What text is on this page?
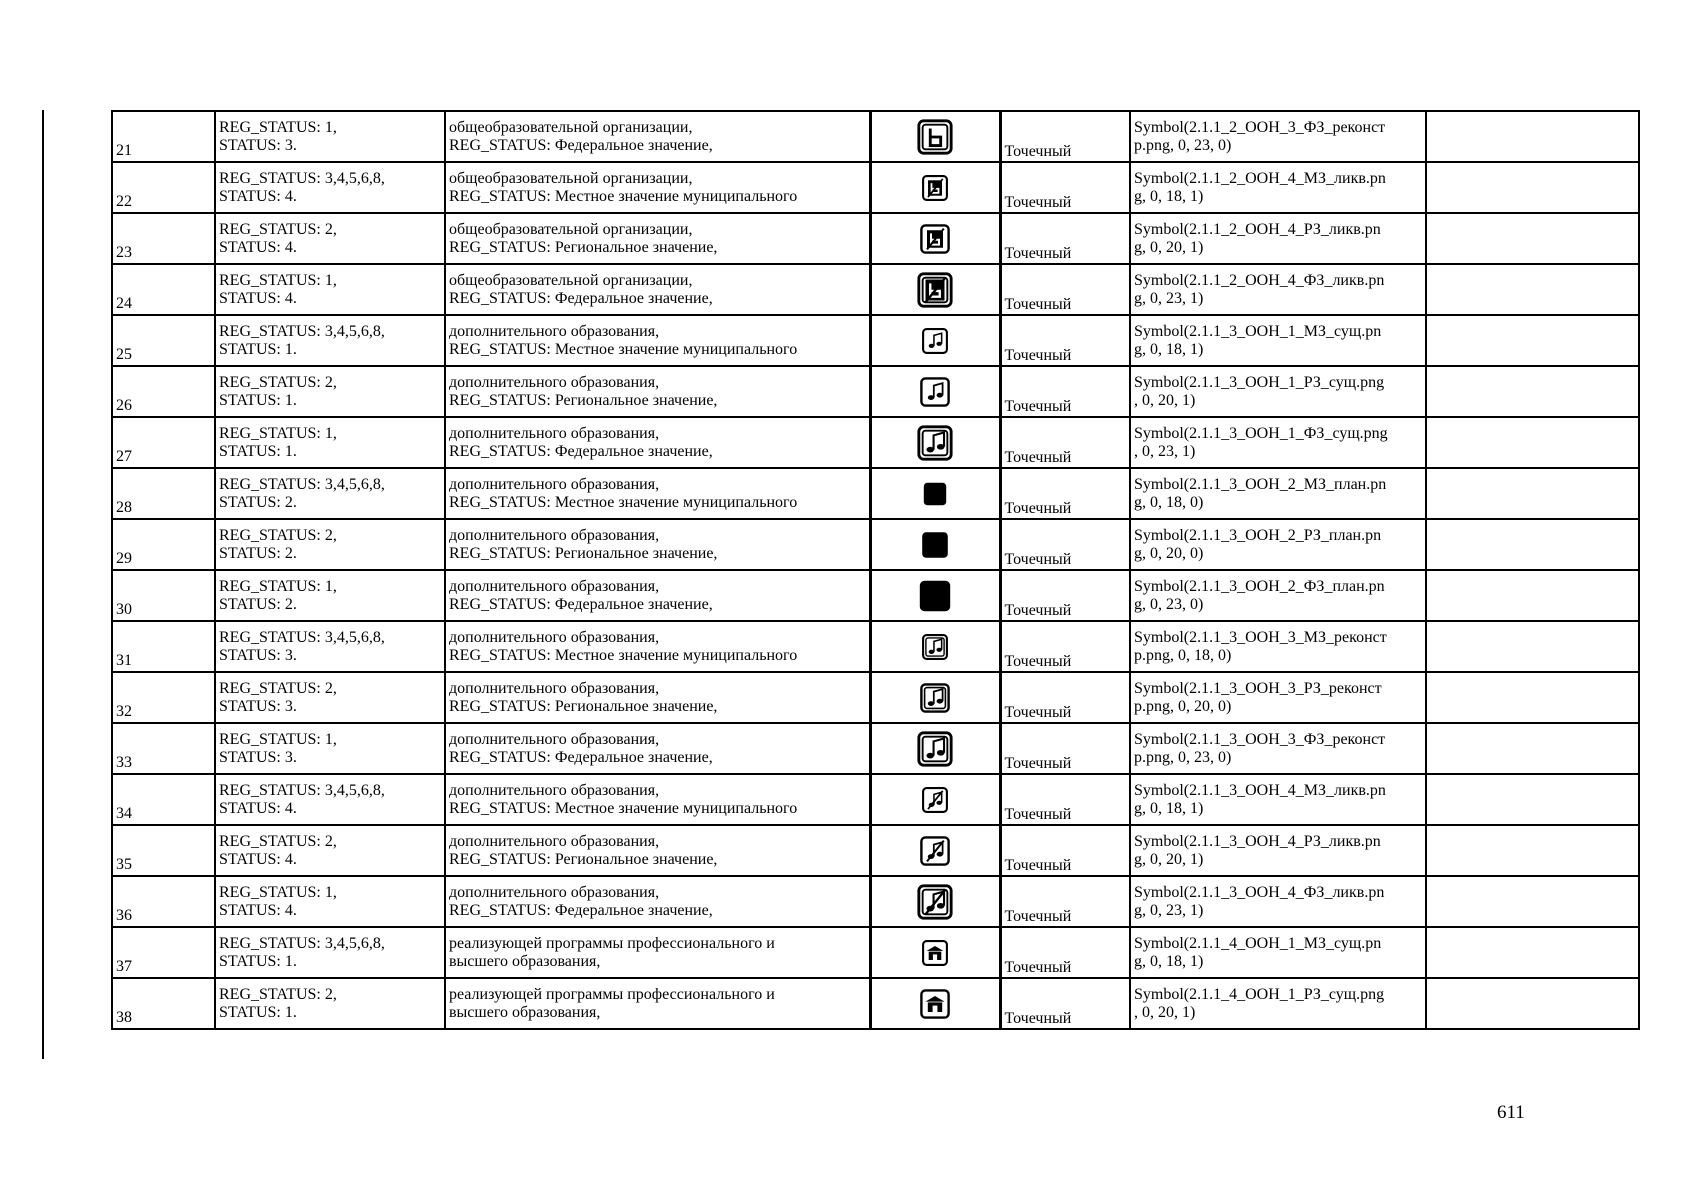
21	REG_STATUS: 1,
STATUS: 3.	общеобразовательной организации,
REG_STATUS: Федеральное значение,		Точечный	Symbol(2.1.1_2_ООН_3_ФЗ_реконст
р.png, 0, 23, 0)	

22	REG_STATUS: 3,4,5,6,8,
STATUS: 4.	общеобразовательной организации,
REG_STATUS: Местное значение муниципального		Точечный	Symbol(2.1.1_2_ООН_4_МЗ_ликв.pn
g, 0, 18, 1)	

23	REG_STATUS: 2,
STATUS: 4.	общеобразовательной организации,
REG_STATUS: Региональное значение,		Точечный	Symbol(2.1.1_2_ООН_4_РЗ_ликв.pn
g, 0, 20, 1)	

24	REG_STATUS: 1,
STATUS: 4.	общеобразовательной организации,
REG_STATUS: Федеральное значение,		Точечный	Symbol(2.1.1_2_ООН_4_ФЗ_ликв.pn
g, 0, 23, 1)	

25	REG_STATUS: 3,4,5,6,8,
STATUS: 1.	дополнительного образования,
REG_STATUS: Местное значение муниципального		Точечный	Symbol(2.1.1_3_ООН_1_МЗ_сущ.pn
g, 0, 18, 1)	

26	REG_STATUS: 2,
STATUS: 1.	дополнительного образования,
REG_STATUS: Региональное значение,		Точечный	Symbol(2.1.1_3_ООН_1_РЗ_сущ.png
, 0, 20, 1)	

27	REG_STATUS: 1,
STATUS: 1.	дополнительного образования,
REG_STATUS: Федеральное значение,		Точечный	Symbol(2.1.1_3_ООН_1_ФЗ_сущ.png
, 0, 23, 1)	

28	REG_STATUS: 3,4,5,6,8,
STATUS: 2.	дополнительного образования,
REG_STATUS: Местное значение муниципального		Точечный	Symbol(2.1.1_3_ООН_2_МЗ_план.pn
g, 0, 18, 0)	

29	REG_STATUS: 2,
STATUS: 2.	дополнительного образования,
REG_STATUS: Региональное значение,		Точечный	Symbol(2.1.1_3_ООН_2_РЗ_план.pn
g, 0, 20, 0)	

30	REG_STATUS: 1,
STATUS: 2.	дополнительного образования,
REG_STATUS: Федеральное значение,		Точечный	Symbol(2.1.1_3_ООН_2_ФЗ_план.pn
g, 0, 23, 0)	

31	REG_STATUS: 3,4,5,6,8,
STATUS: 3.	дополнительного образования,
REG_STATUS: Местное значение муниципального		Точечный	Symbol(2.1.1_3_ООН_3_МЗ_реконст
р.png, 0, 18, 0)	

32	REG_STATUS: 2,
STATUS: 3.	дополнительного образования,
REG_STATUS: Региональное значение,		Точечный	Symbol(2.1.1_3_ООН_3_РЗ_реконст
р.png, 0, 20, 0)	

33	REG_STATUS: 1,
STATUS: 3.	дополнительного образования,
REG_STATUS: Федеральное значение,		Точечный	Symbol(2.1.1_3_ООН_3_ФЗ_реконст
р.png, 0, 23, 0)	

34	REG_STATUS: 3,4,5,6,8,
STATUS: 4.	дополнительного образования,
REG_STATUS: Местное значение муниципального		Точечный	Symbol(2.1.1_3_ООН_4_МЗ_ликв.pn
g, 0, 18, 1)	

35	REG_STATUS: 2,
STATUS: 4.	дополнительного образования,
REG_STATUS: Региональное значение,		Точечный	Symbol(2.1.1_3_ООН_4_РЗ_ликв.pn
g, 0, 20, 1)	

36	REG_STATUS: 1,
STATUS: 4.	дополнительного образования,
REG_STATUS: Федеральное значение,		Точечный	Symbol(2.1.1_3_ООН_4_ФЗ_ликв.pn
g, 0, 23, 1)	

37	REG_STATUS: 3,4,5,6,8,
STATUS: 1.	реализующей программы профессионального и
высшего образования,		Точечный	Symbol(2.1.1_4_ООН_1_МЗ_сущ.pn
g, 0, 18, 1)	

38	REG_STATUS: 2,
STATUS: 1.	реализующей программы профессионального и
высшего образования,		Точечный	Symbol(2.1.1_4_ООН_1_РЗ_сущ.png
, 0, 20, 1)	

611
